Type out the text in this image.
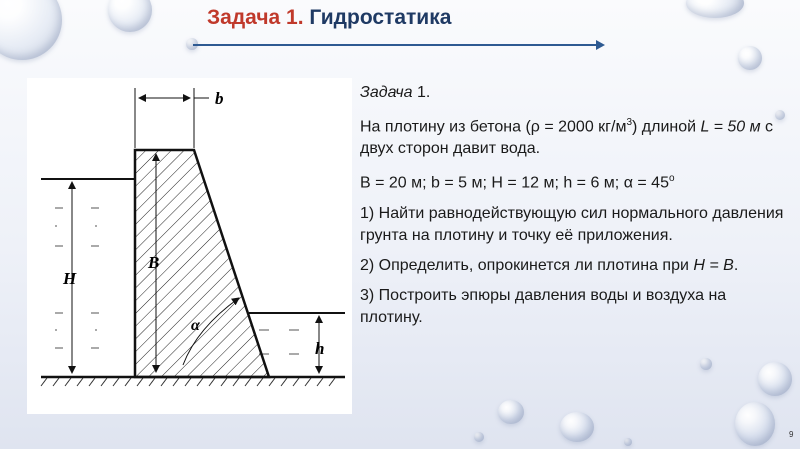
Задача 1. Гидростатика
b
B
H
h
α

Задача 1.

На плотину из бетона (ρ = 2000 $кг/м^3$) длиной L = 50 м с двух сторон давит вода.

B = 20 м; b = 5 м; H = 12 м; h = 6 м; $\alpha = 45^o$

1) Найти равнодействующую сил нормального давления грунта на плотину и точку её приложения.

2) Определить, опрокинется ли плотина при H = B.

3) Построить эпюры давления воды и воздуха на плотину.

9
